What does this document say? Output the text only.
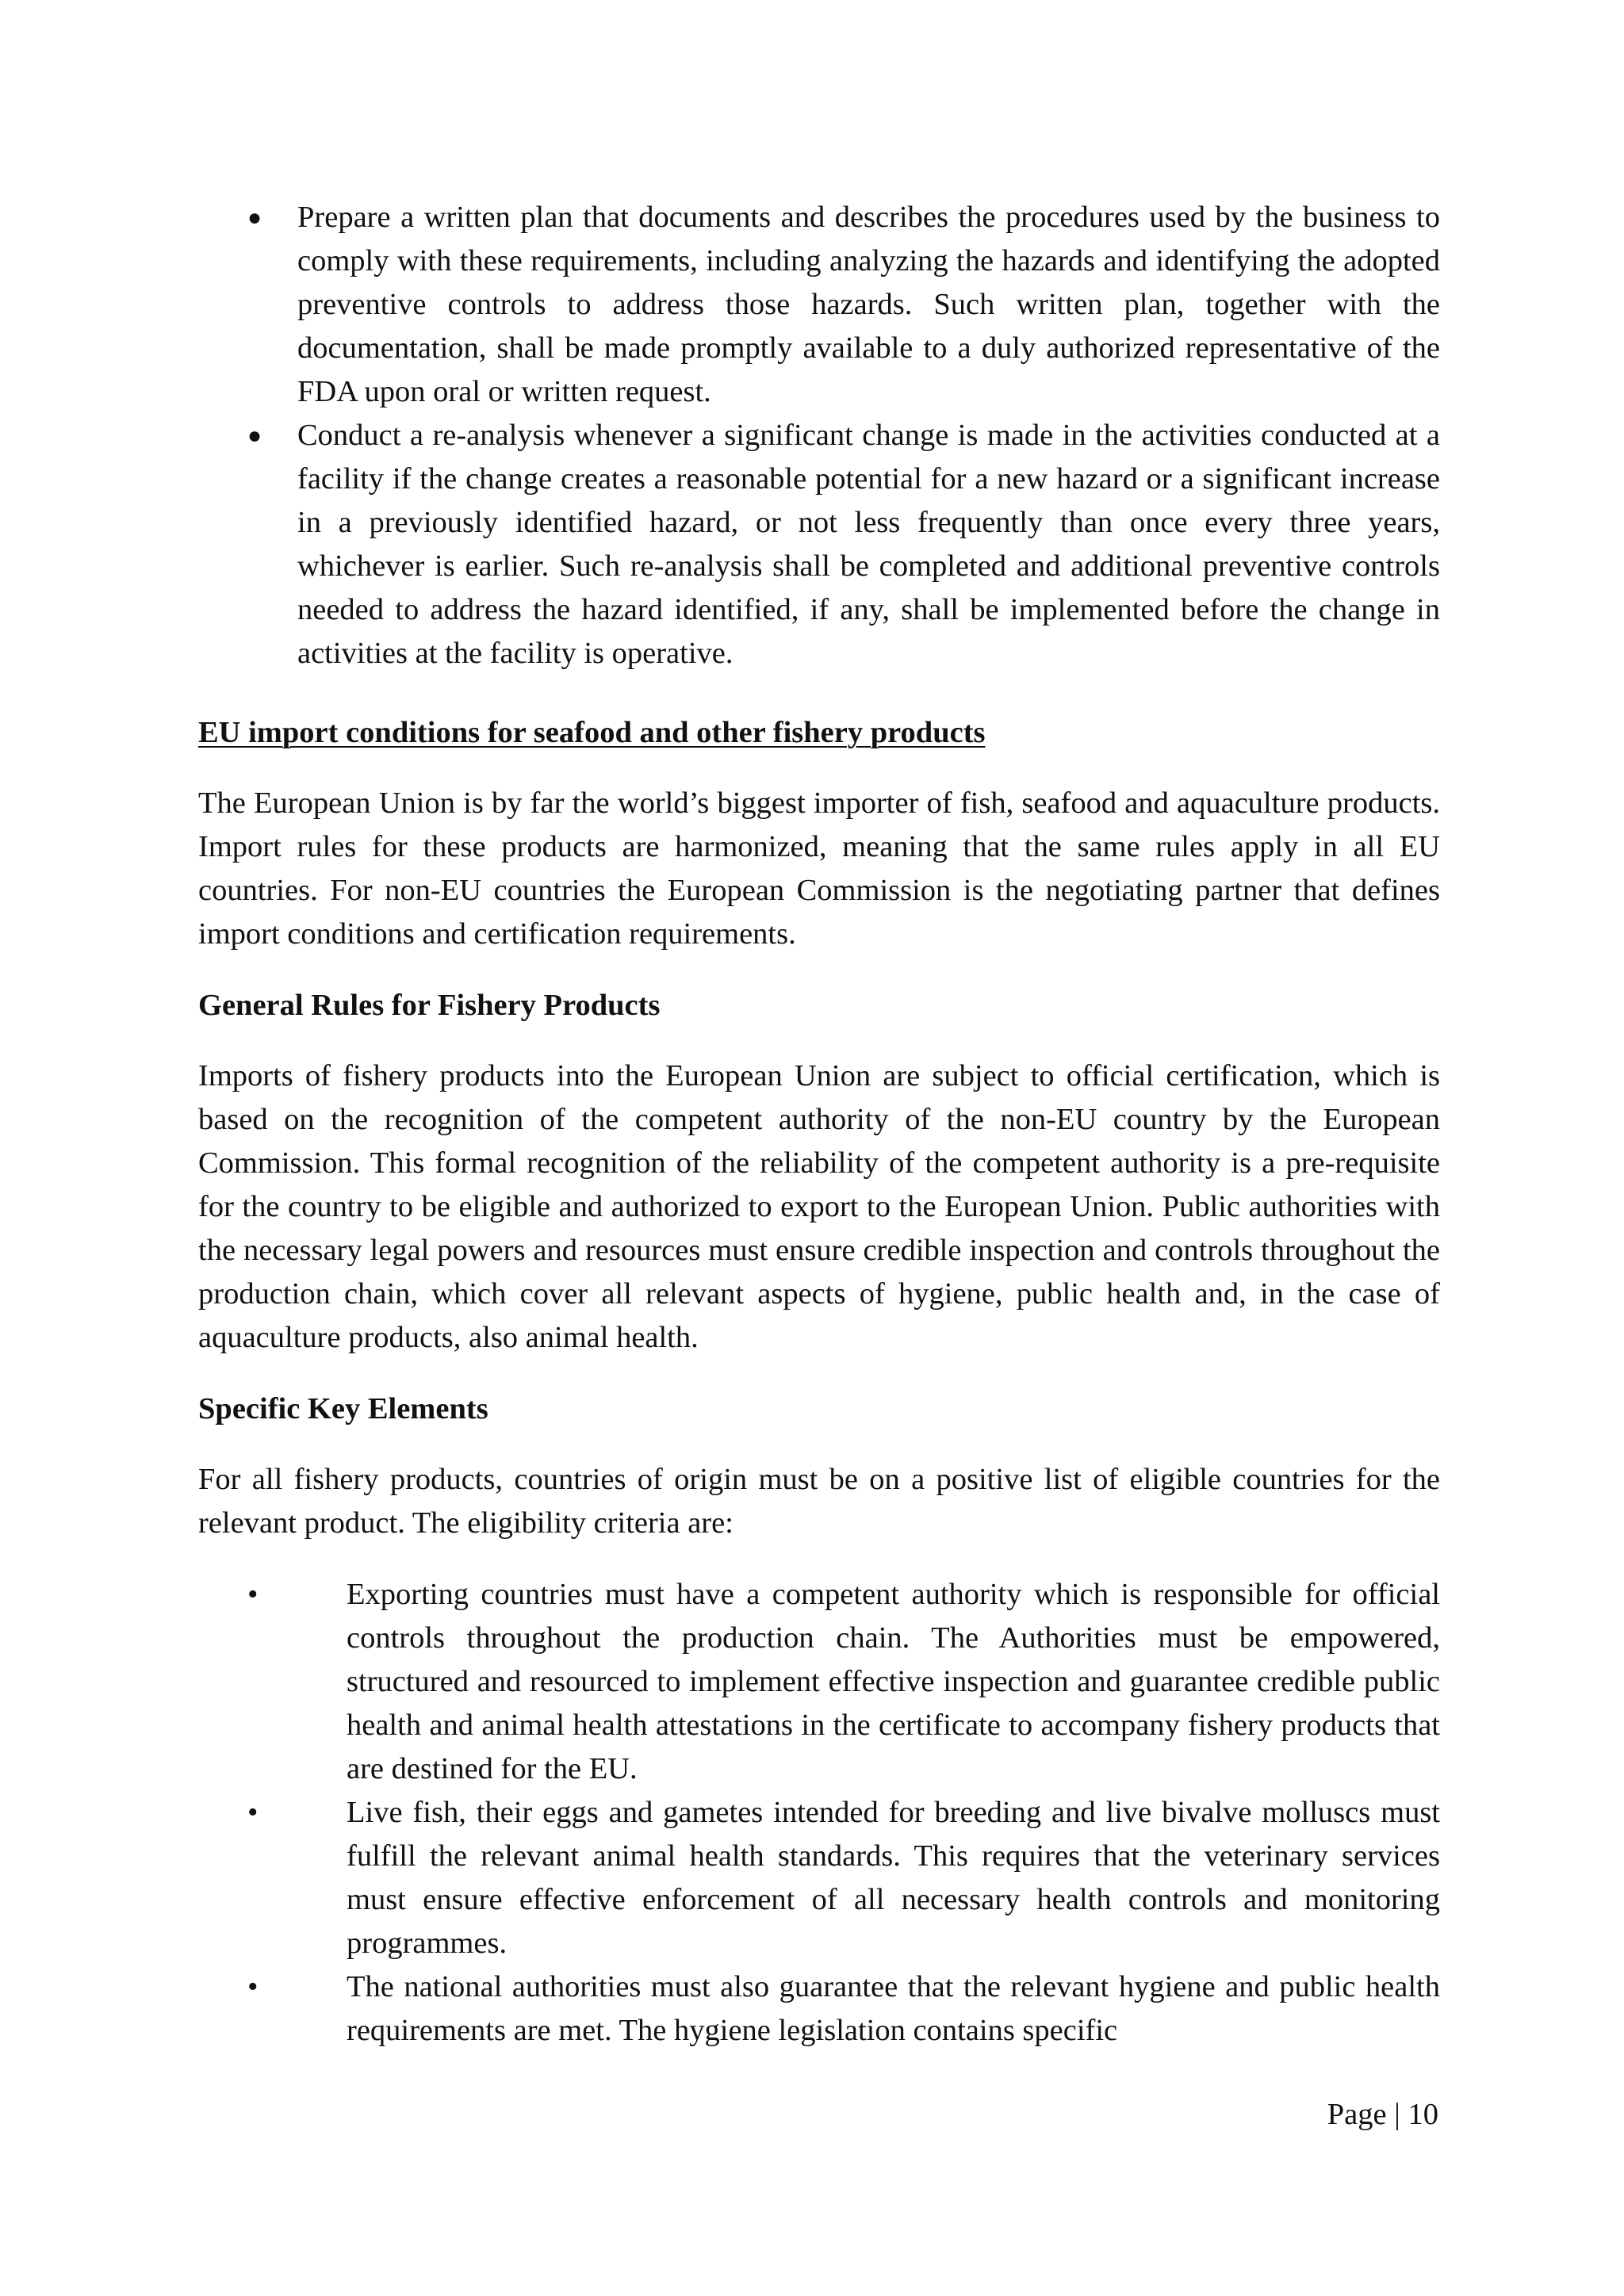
● Prepare a written plan that documents and describes the procedures used by the business to comply with these requirements, including analyzing the hazards and identifying the adopted preventive controls to address those hazards. Such written plan, together with the documentation, shall be made promptly available to a duly authorized representative of the FDA upon oral or written request.
● Conduct a re-analysis whenever a significant change is made in the activities conducted at a facility if the change creates a reasonable potential for a new hazard or a significant increase in a previously identified hazard, or not less frequently than once every three years, whichever is earlier. Such re-analysis shall be completed and additional preventive controls needed to address the hazard identified, if any, shall be implemented before the change in activities at the facility is operative.

EU import conditions for seafood and other fishery products

The European Union is by far the world’s biggest importer of fish, seafood and aquaculture products. Import rules for these products are harmonized, meaning that the same rules apply in all EU countries. For non-EU countries the European Commission is the negotiating partner that defines import conditions and certification requirements.

General Rules for Fishery Products

Imports of fishery products into the European Union are subject to official certification, which is based on the recognition of the competent authority of the non-EU country by the European Commission. This formal recognition of the reliability of the competent authority is a pre-requisite for the country to be eligible and authorized to export to the European Union. Public authorities with the necessary legal powers and resources must ensure credible inspection and controls throughout the production chain, which cover all relevant aspects of hygiene, public health and, in the case of aquaculture products, also animal health.

Specific Key Elements

For all fishery products, countries of origin must be on a positive list of eligible countries for the relevant product. The eligibility criteria are:

•	Exporting countries must have a competent authority which is responsible for official controls throughout the production chain. The Authorities must be empowered, structured and resourced to implement effective inspection and guarantee credible public health and animal health attestations in the certificate to accompany fishery products that are destined for the EU.
•	Live fish, their eggs and gametes intended for breeding and live bivalve molluscs must fulfill the relevant animal health standards. This requires that the veterinary services must ensure effective enforcement of all necessary health controls and monitoring programmes.
•	The national authorities must also guarantee that the relevant hygiene and public health requirements are met. The hygiene legislation contains specific
Page | 10
